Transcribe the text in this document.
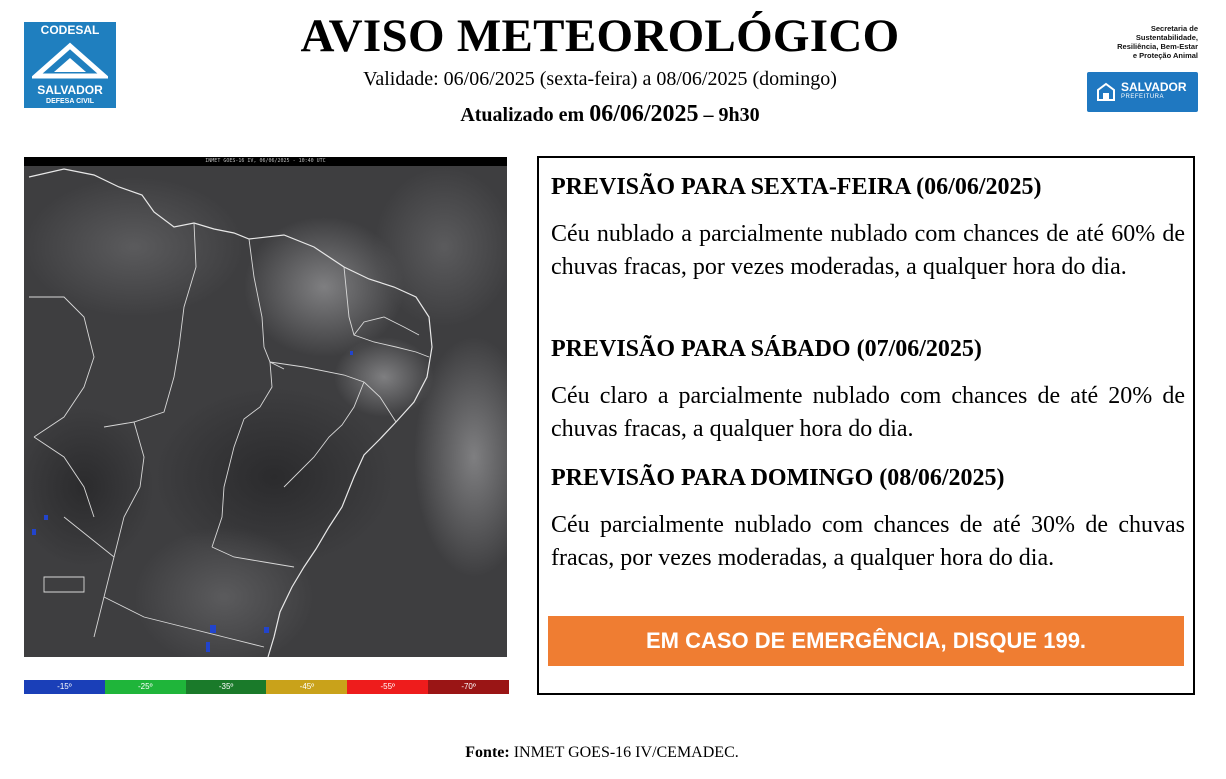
CODESAL
SALVADOR
DEFESA CIVIL
AVISO METEOROLÓGICO
Validade: 06/06/2025 (sexta-feira) a 08/06/2025 (domingo)
Atualizado em 06/06/2025 – 9h30
Secretaria de
Sustentabilidade,
Resiliência, Bem-Estar
e Proteção Animal
SALVADOR
PREFEITURA
INMET GOES-16 IV, 06/06/2025 - 10:40 UTC
-15º	-25º	-35º	-45º	-55º	-70º
PREVISÃO PARA SEXTA-FEIRA (06/06/2025)
Céu nublado a parcialmente nublado com chances de até 60% de chuvas fracas, por vezes moderadas, a qualquer hora do dia.
PREVISÃO PARA SÁBADO (07/06/2025)
Céu claro a parcialmente nublado com chances de até 20% de chuvas fracas, a qualquer hora do dia.
PREVISÃO PARA DOMINGO (08/06/2025)
Céu parcialmente nublado com chances de até 30% de chuvas fracas, por vezes moderadas, a qualquer hora do dia.
EM CASO DE EMERGÊNCIA, DISQUE 199.
Fonte: INMET GOES-16 IV/CEMADEC.
